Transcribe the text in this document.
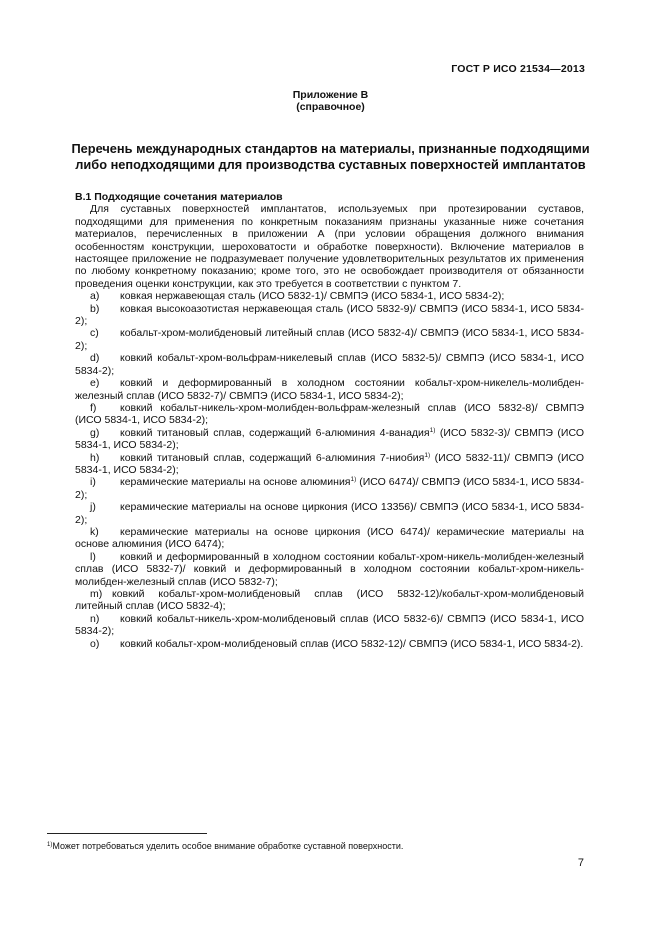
ГОСТ Р ИСО 21534—2013
Приложение В
(справочное)
Перечень международных стандартов на материалы, признанные подходящими либо неподходящими для производства суставных поверхностей имплантатов

В.1 Подходящие сочетания материалов

Для суставных поверхностей имплантатов, используемых при протезировании суставов, подходящими для применения по конкретным показаниям признаны указанные ниже сочетания материалов, перечисленных в приложении А (при условии обращения должного внимания особенностям конструкции, шероховатости и обработке поверхности). Включение материалов в настоящее приложение не подразумевает получение удовлетворительных результатов их применения по любому конкретному показанию; кроме того, это не освобождает производителя от обязанности проведения оценки конструкции, как это требуется в соответствии с пунктом 7.

a) ковкая нержавеющая сталь (ИСО 5832-1)/ СВМПЭ (ИСО 5834-1, ИСО 5834-2);

b) ковкая высокоазотистая нержавеющая сталь (ИСО 5832-9)/ СВМПЭ (ИСО 5834-1, ИСО 5834-2);

c) кобальт-хром-молибденовый литейный сплав (ИСО 5832-4)/ СВМПЭ (ИСО 5834-1, ИСО 5834-2);

d) ковкий кобальт-хром-вольфрам-никелевый сплав (ИСО 5832-5)/ СВМПЭ (ИСО 5834-1, ИСО 5834-2);

e) ковкий и деформированный в холодном состоянии кобальт-хром-никелель-молибден-железный сплав (ИСО 5832-7)/ СВМПЭ (ИСО 5834-1, ИСО 5834-2);

f) ковкий кобальт-никель-хром-молибден-вольфрам-железный сплав (ИСО 5832-8)/ СВМПЭ (ИСО 5834-1, ИСО 5834-2);

g) ковкий титановый сплав, содержащий 6-алюминия 4-ванадия$^{1)}$ (ИСО 5832-3)/ СВМПЭ (ИСО 5834-1, ИСО 5834-2);

h) ковкий титановый сплав, содержащий 6-алюминия 7-ниобия$^{1)}$ (ИСО 5832-11)/ СВМПЭ (ИСО 5834-1, ИСО 5834-2);

i) керамические материалы на основе алюминия$^{1)}$ (ИСО 6474)/ СВМПЭ (ИСО 5834-1, ИСО 5834-2);

j) керамические материалы на основе циркония (ИСО 13356)/ СВМПЭ (ИСО 5834-1, ИСО 5834-2);

k) керамические материалы на основе циркония (ИСО 6474)/ керамические материалы на основе алюминия (ИСО 6474);

l) ковкий и деформированный в холодном состоянии кобальт-хром-никель-молибден-железный сплав (ИСО 5832-7)/ ковкий и деформированный в холодном состоянии кобальт-хром-никель-молибден-железный сплав (ИСО 5832-7);

m) ковкий кобальт-хром-молибденовый сплав (ИСО 5832-12)/кобальт-хром-молибденовый литейный сплав (ИСО 5832-4);

n) ковкий кобальт-никель-хром-молибденовый сплав (ИСО 5832-6)/ СВМПЭ (ИСО 5834-1, ИСО 5834-2);

o) ковкий кобальт-хром-молибденовый сплав (ИСО 5832-12)/ СВМПЭ (ИСО 5834-1, ИСО 5834-2).

$^{1)}$Может потребоваться уделить особое внимание обработке суставной поверхности.
7
